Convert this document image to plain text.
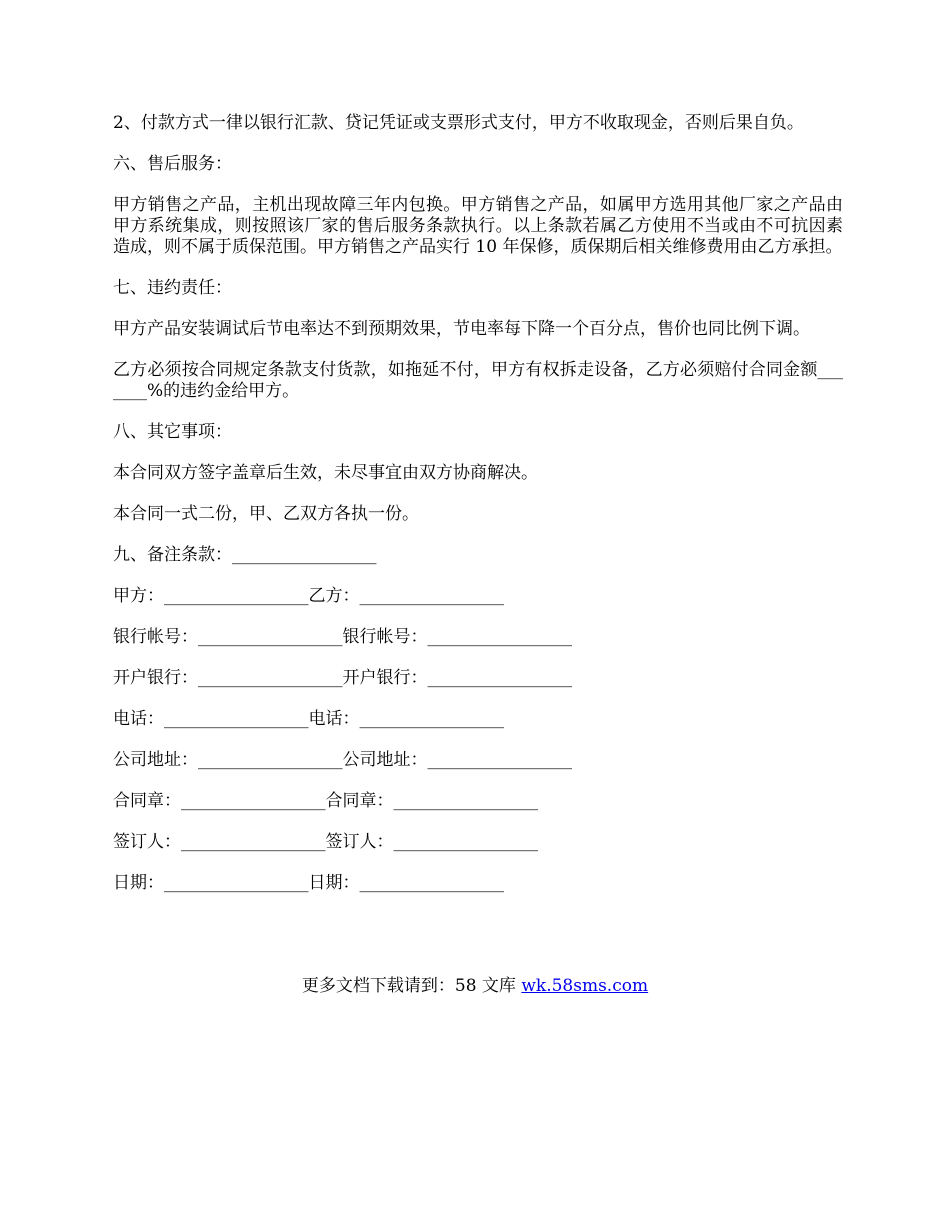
2、付款方式一律以银行汇款、贷记凭证或支票形式支付，甲方不收取现金，否则后果自负。

六、售后服务：

甲方销售之产品，主机出现故障三年内包换。甲方销售之产品，如属甲方选用其他厂家之产品由甲方系统集成，则按照该厂家的售后服务条款执行。以上条款若属乙方使用不当或由不可抗因素造成，则不属于质保范围。甲方销售之产品实行 10 年保修，质保期后相关维修费用由乙方承担。

七、违约责任：

甲方产品安装调试后节电率达不到预期效果，节电率每下降一个百分点，售价也同比例下调。

乙方必须按合同规定条款支付货款，如拖延不付，甲方有权拆走设备，乙方必须赔付合同金额_______%的违约金给甲方。

八、其它事项：

本合同双方签字盖章后生效，未尽事宜由双方协商解决。

本合同一式二份，甲、乙双方各执一份。

九、备注条款：_________________

甲方：_________________乙方：_________________

银行帐号：_________________银行帐号：_________________

开户银行：_________________开户银行：_________________

电话：_________________电话：_________________

公司地址：_________________公司地址：_________________

合同章：_________________合同章：_________________

签订人：_________________签订人：_________________

日期：_________________日期：_________________

更多文档下载请到：58 文库 wk.58sms.com
